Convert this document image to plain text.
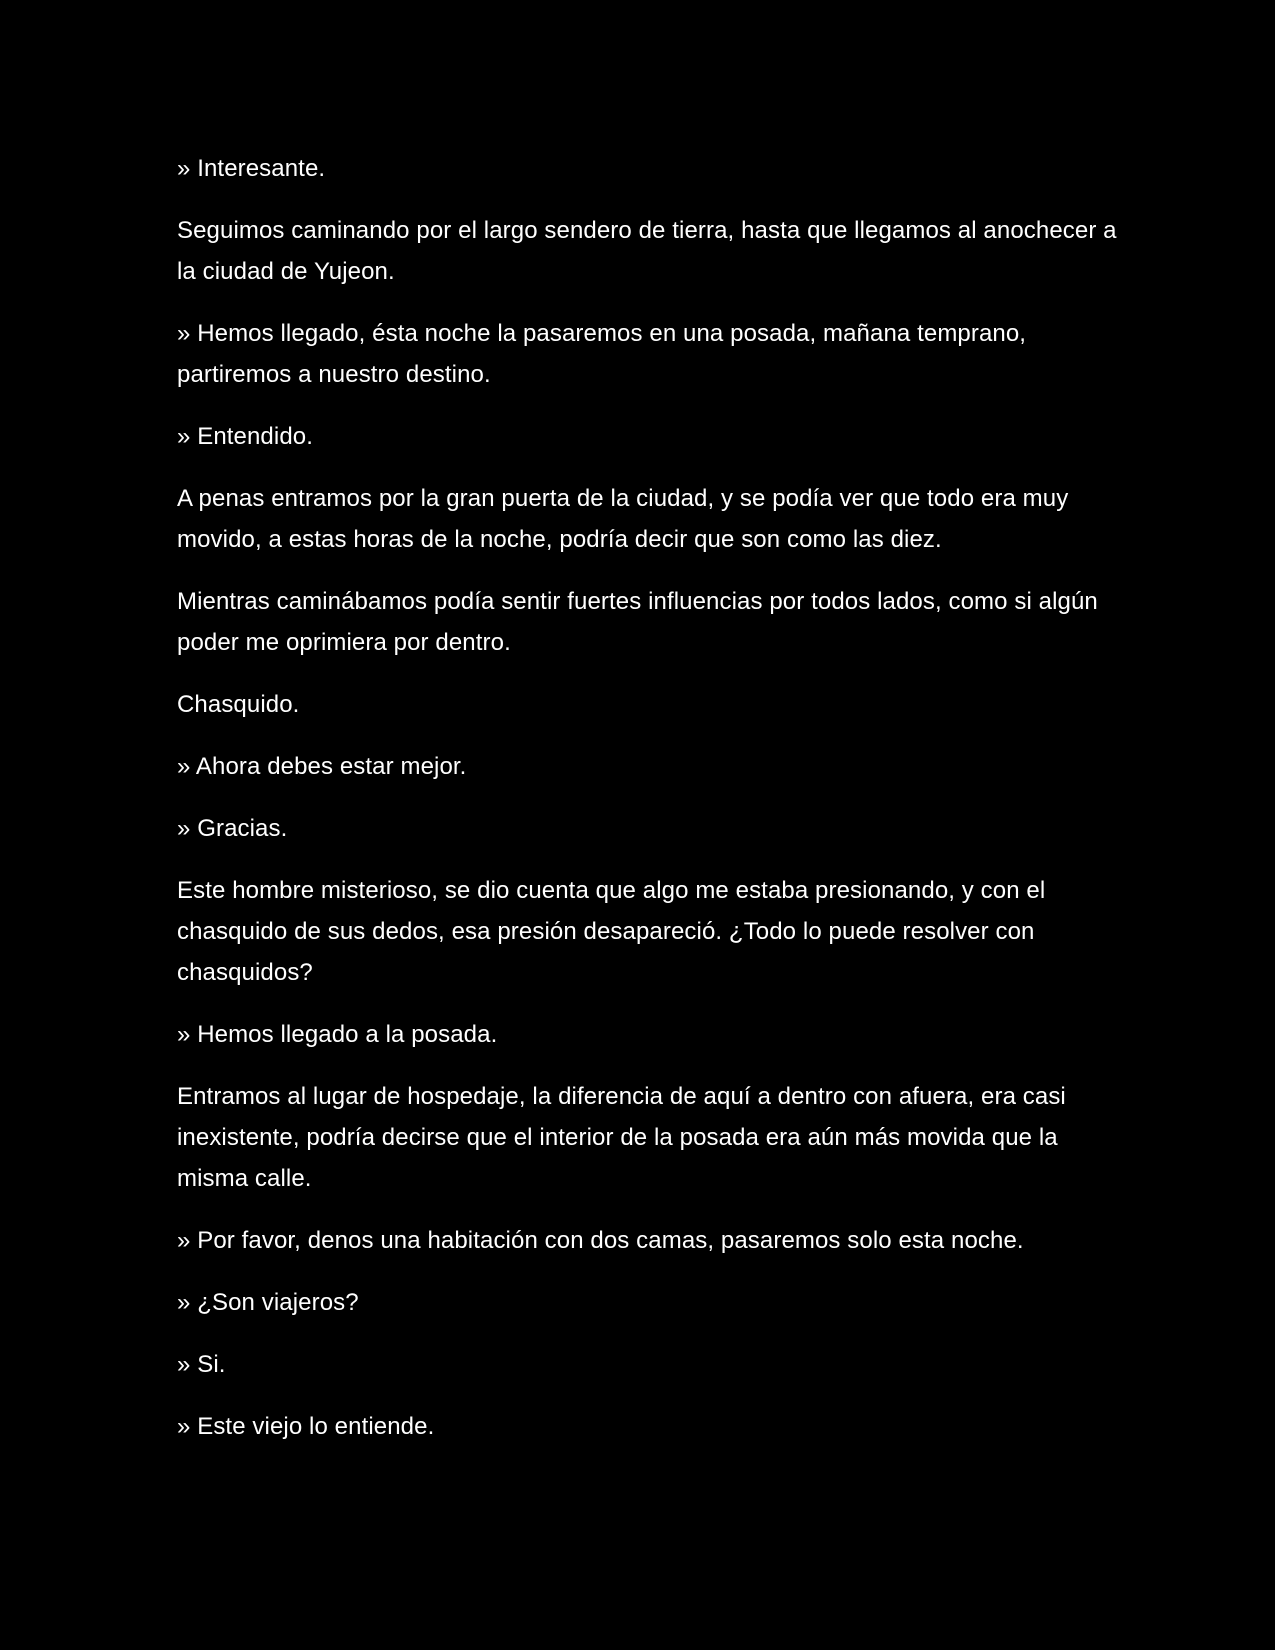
» Interesante.

Seguimos caminando por el largo sendero de tierra, hasta que llegamos al anochecer a la ciudad de Yujeon.

» Hemos llegado, ésta noche la pasaremos en una posada, mañana temprano, partiremos a nuestro destino.

» Entendido.

A penas entramos por la gran puerta de la ciudad, y se podía ver que todo era muy movido, a estas horas de la noche, podría decir que son como las diez.

Mientras caminábamos podía sentir fuertes influencias por todos lados, como si algún poder me oprimiera por dentro.

Chasquido.

» Ahora debes estar mejor.

» Gracias.

Este hombre misterioso, se dio cuenta que algo me estaba presionando, y con el chasquido de sus dedos, esa presión desapareció. ¿Todo lo puede resolver con chasquidos?

» Hemos llegado a la posada.

Entramos al lugar de hospedaje, la diferencia de aquí a dentro con afuera, era casi inexistente, podría decirse que el interior de la posada era aún más movida que la misma calle.

» Por favor, denos una habitación con dos camas, pasaremos solo esta noche.

» ¿Son viajeros?

» Si.

» Este viejo lo entiende.
